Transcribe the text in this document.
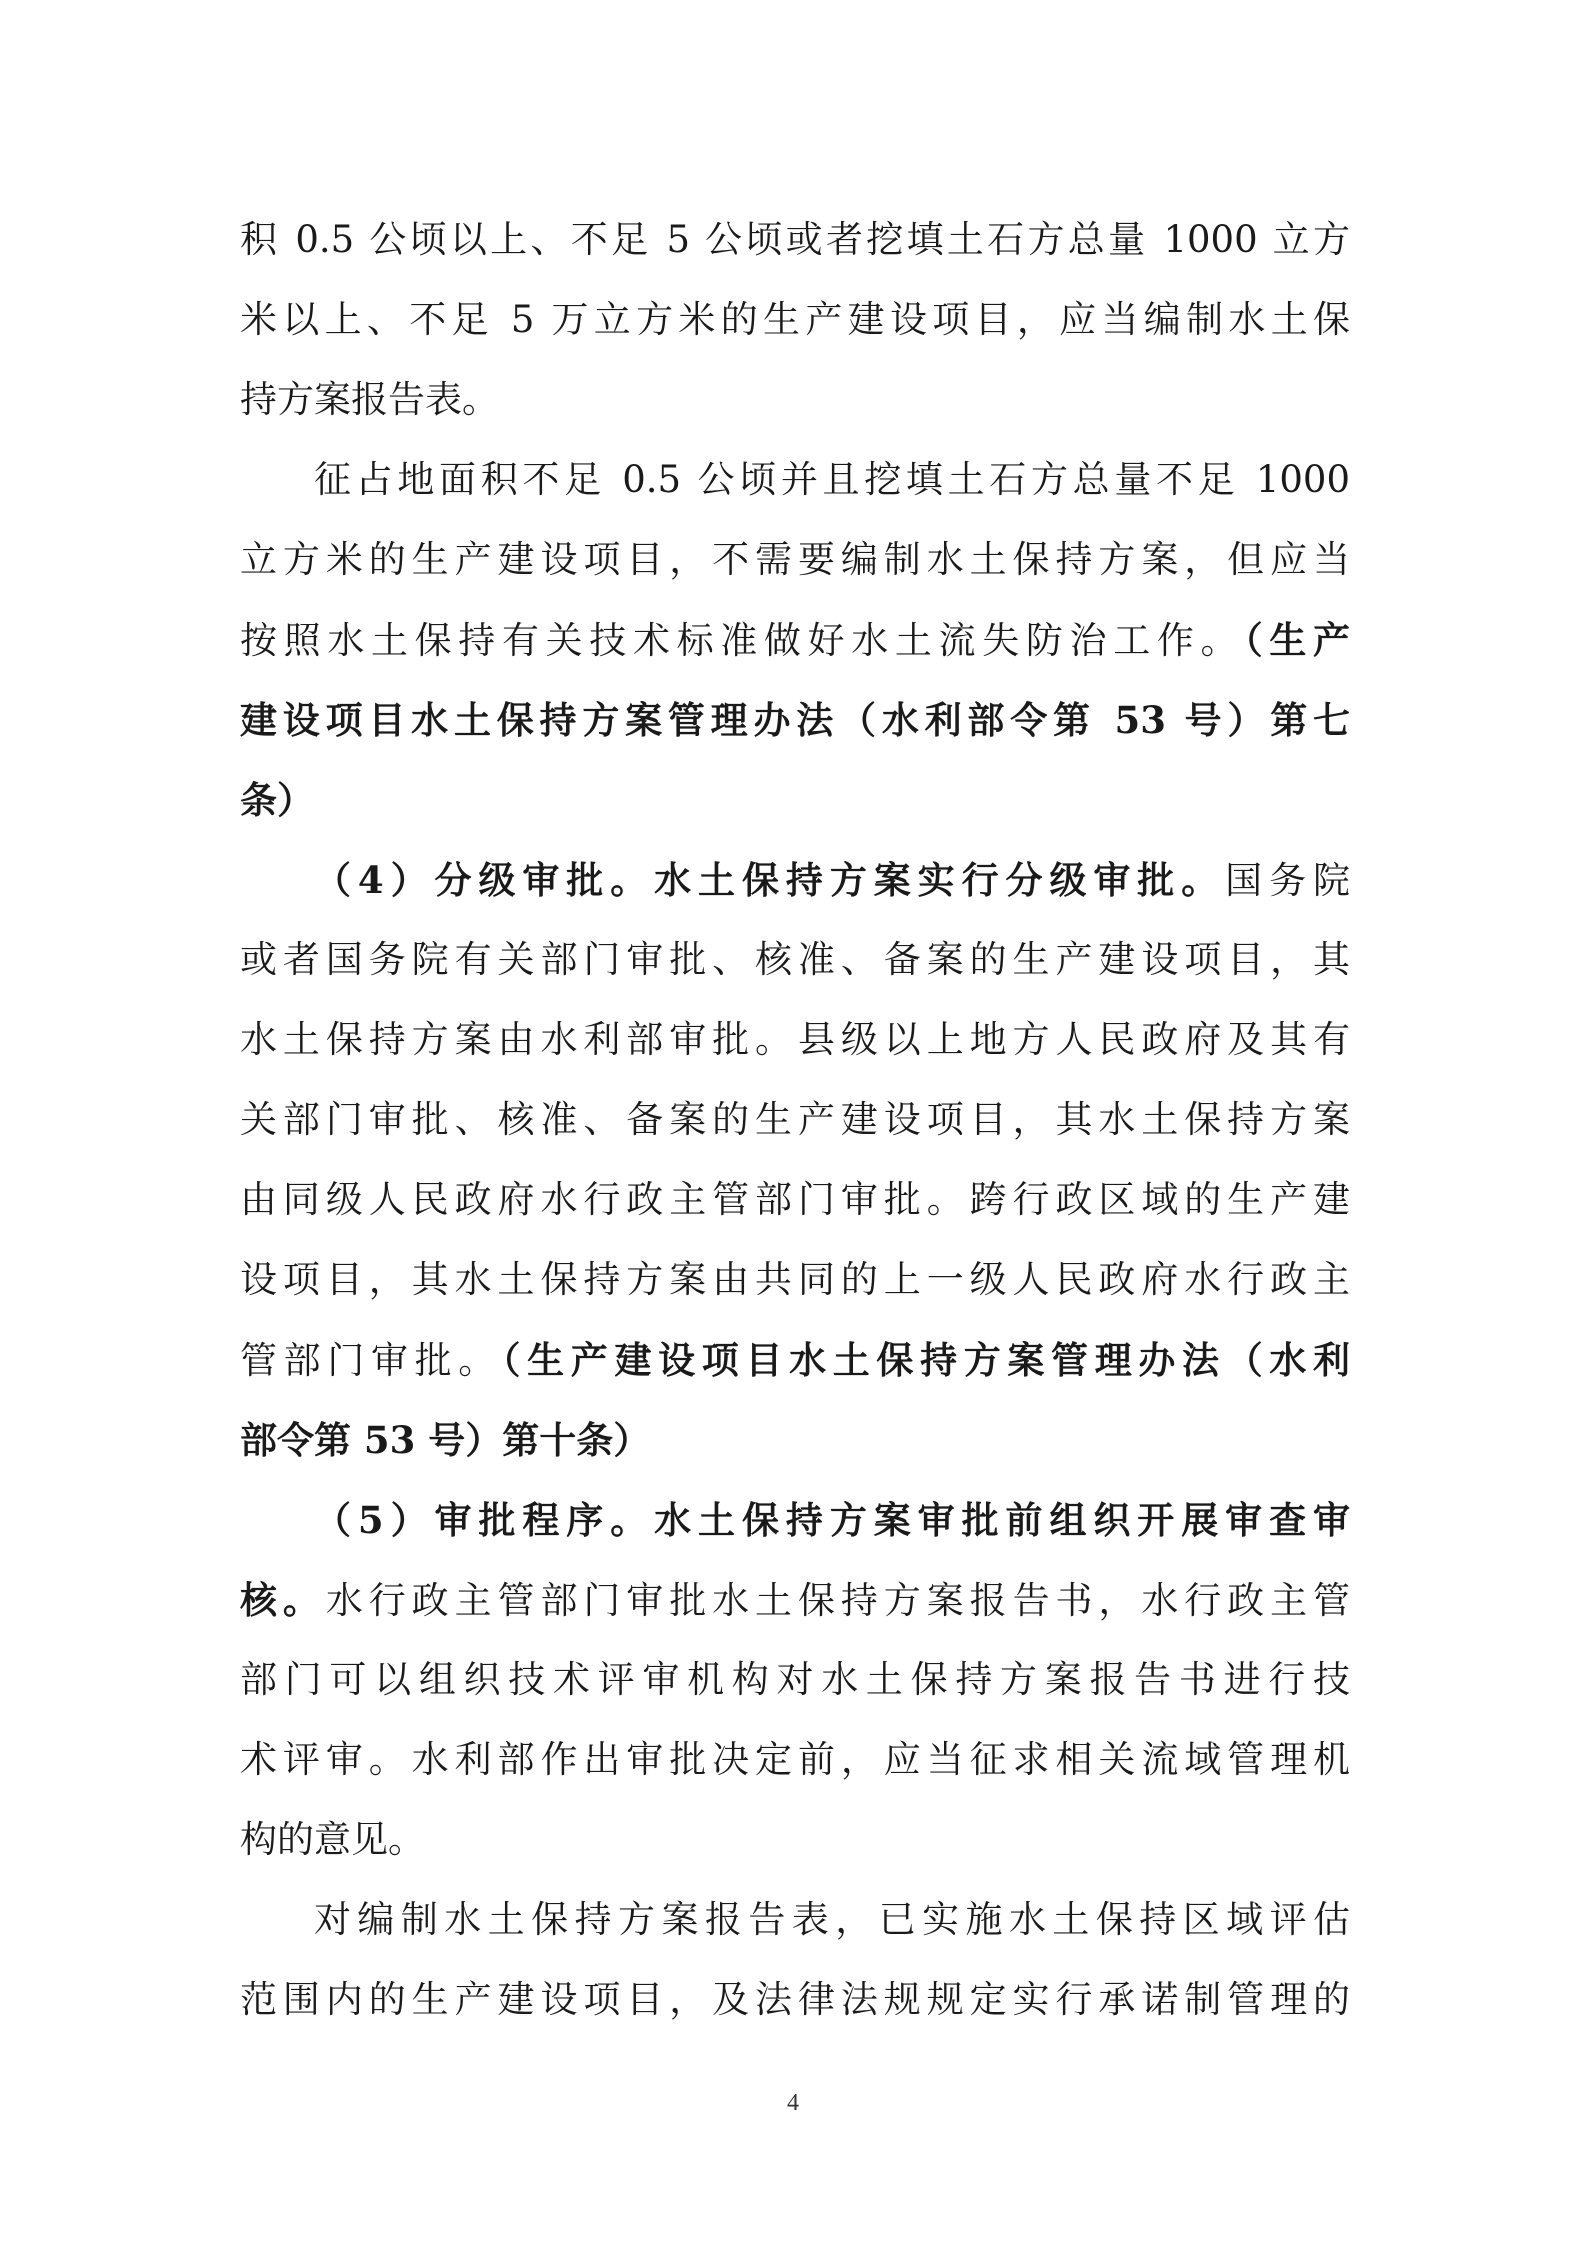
积 0.5 公顷以上、不足 5 公顷或者挖填土石方总量 1000 立方
米以上、不足 5 万立方米的生产建设项目，应当编制水土保
持方案报告表。
征占地面积不足 0.5 公顷并且挖填土石方总量不足 1000
立方米的生产建设项目，不需要编制水土保持方案，但应当
按照水土保持有关技术标准做好水土流失防治工作。（生产
建设项目水土保持方案管理办法（水利部令第 53 号）第七
条）
（4）分级审批。水土保持方案实行分级审批。国务院
或者国务院有关部门审批、核准、备案的生产建设项目，其
水土保持方案由水利部审批。县级以上地方人民政府及其有
关部门审批、核准、备案的生产建设项目，其水土保持方案
由同级人民政府水行政主管部门审批。跨行政区域的生产建
设项目，其水土保持方案由共同的上一级人民政府水行政主
管部门审批。（生产建设项目水土保持方案管理办法（水利
部令第 53 号）第十条）
（5）审批程序。水土保持方案审批前组织开展审查审
核。水行政主管部门审批水土保持方案报告书，水行政主管
部门可以组织技术评审机构对水土保持方案报告书进行技
术评审。水利部作出审批决定前，应当征求相关流域管理机
构的意见。
对编制水土保持方案报告表，已实施水土保持区域评估
范围内的生产建设项目，及法律法规规定实行承诺制管理的
4
